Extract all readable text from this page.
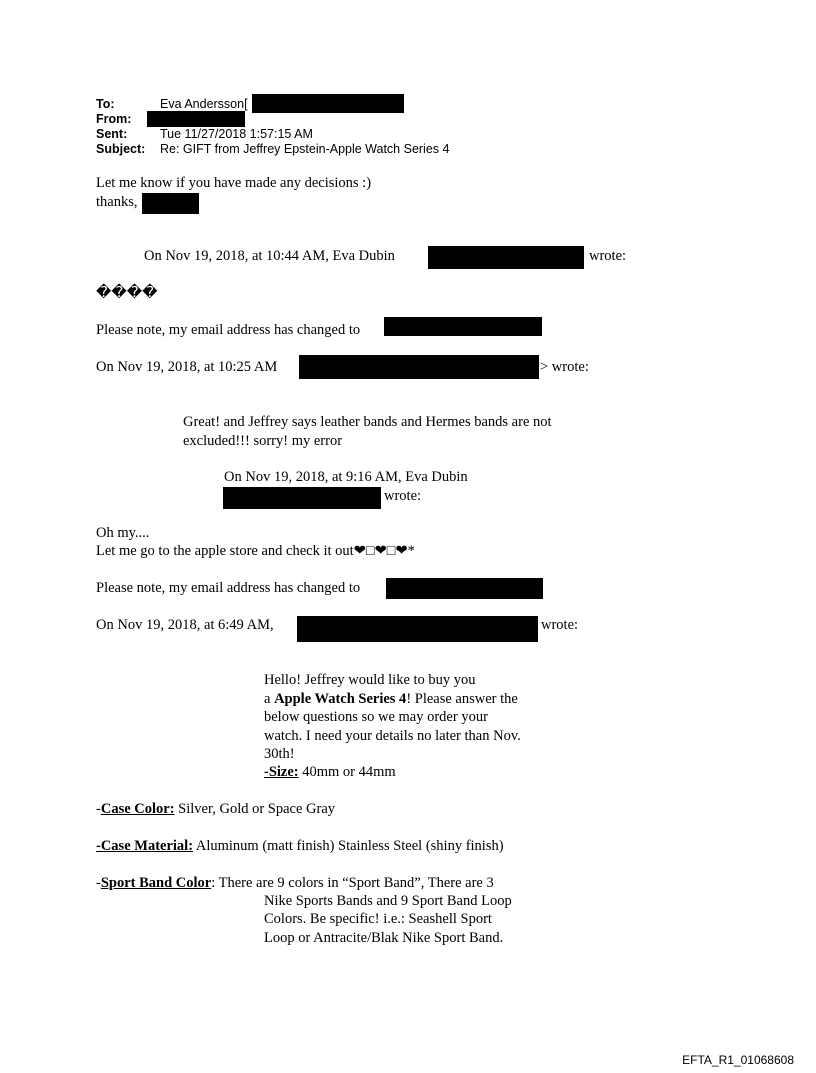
To:	Eva Andersson[
From:
Sent:	Tue 11/27/2018 1:57:15 AM
Subject: Re: GIFT from Jeffrey Epstein-Apple Watch Series 4
Let me know if you have made any decisions :)
thanks,
On Nov 19, 2018, at 10:44 AM, Eva Dubin	wrote:
����
Please note, my email address has changed to
On Nov 19, 2018, at 10:25 AM	> wrote:
Great! and Jeffrey says leather bands and Hermes bands are not
excluded!!! sorry! my error
On Nov 19, 2018, at 9:16 AM, Eva Dubin
wrote:
Oh my....
Let me go to the apple store and check it out❤︎□❤︎□❤︎*
Please note, my email address has changed to
On Nov 19, 2018, at 6:49 AM,	wrote:
Hello! Jeffrey would like to buy you
a Apple Watch Series 4! Please answer the
below questions so we may order your
watch. I need your details no later than Nov.
30th!
-Size: 40mm or 44mm
-Case Color: Silver, Gold or Space Gray
-Case Material: Aluminum (matt finish) Stainless Steel (shiny finish)
-Sport Band Color: There are 9 colors in “Sport Band”, There are 3
Nike Sports Bands and 9 Sport Band Loop
Colors. Be specific! i.e.: Seashell Sport
Loop or Antracite/Blak Nike Sport Band.
EFTA_R1_01068608
